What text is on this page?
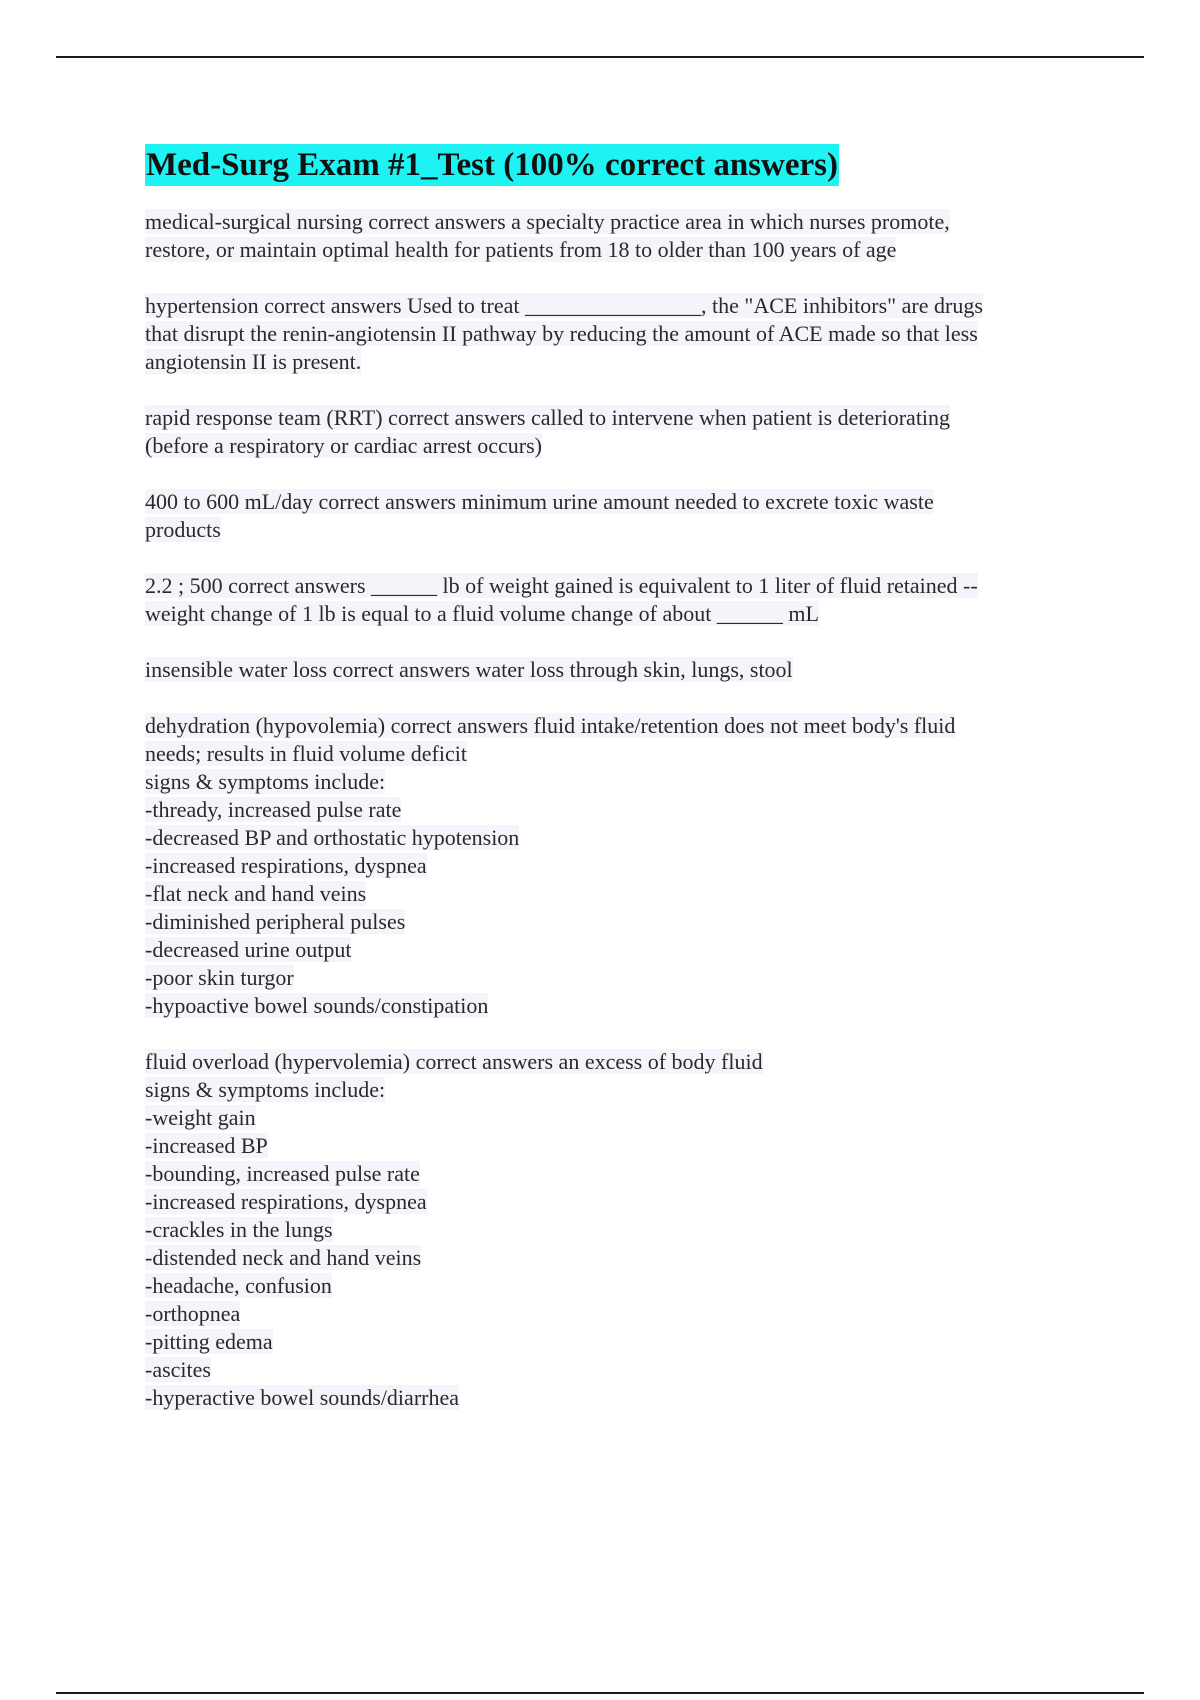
Med-Surg Exam #1_Test (100% correct answers)

medical-surgical nursing correct answers a specialty practice area in which nurses promote,
restore, or maintain optimal health for patients from 18 to older than 100 years of age

hypertension correct answers Used to treat ________________, the "ACE inhibitors" are drugs
that disrupt the renin-angiotensin II pathway by reducing the amount of ACE made so that less
angiotensin II is present.

rapid response team (RRT) correct answers called to intervene when patient is deteriorating
(before a respiratory or cardiac arrest occurs)

400 to 600 mL/day correct answers minimum urine amount needed to excrete toxic waste
products

2.2 ; 500 correct answers ______ lb of weight gained is equivalent to 1 liter of fluid retained --
weight change of 1 lb is equal to a fluid volume change of about ______ mL

insensible water loss correct answers water loss through skin, lungs, stool

dehydration (hypovolemia) correct answers fluid intake/retention does not meet body's fluid
needs; results in fluid volume deficit
signs & symptoms include:
-thready, increased pulse rate
-decreased BP and orthostatic hypotension
-increased respirations, dyspnea
-flat neck and hand veins
-diminished peripheral pulses
-decreased urine output
-poor skin turgor
-hypoactive bowel sounds/constipation

fluid overload (hypervolemia) correct answers an excess of body fluid
signs & symptoms include:
-weight gain
-increased BP
-bounding, increased pulse rate
-increased respirations, dyspnea
-crackles in the lungs
-distended neck and hand veins
-headache, confusion
-orthopnea
-pitting edema
-ascites
-hyperactive bowel sounds/diarrhea
